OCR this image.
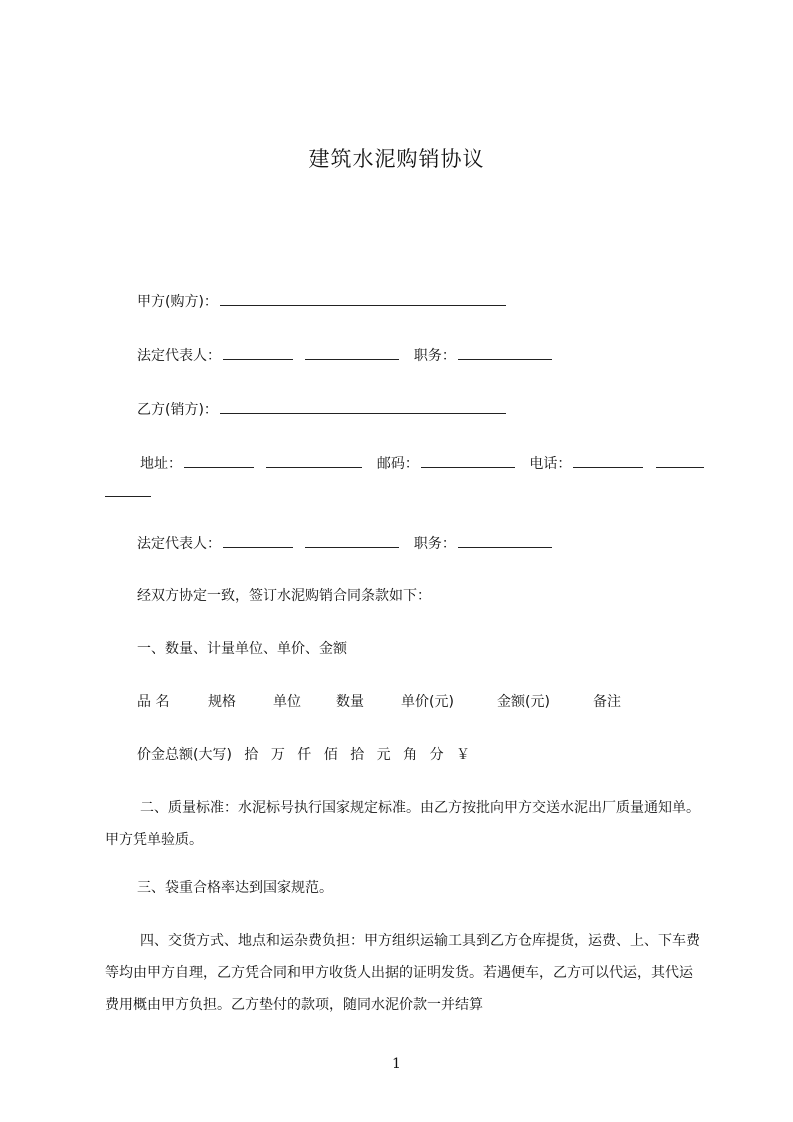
建筑水泥购销协议
甲方(购方)：
法定代表人：	职务：
乙方(销方)：
地址：	邮码：	电话：
法定代表人：	职务：
经双方协定一致，签订水泥购销合同条款如下：
一、数量、计量单位、单价、金额
品 名	规格	单位	数量	单价(元)	金额(元)	备注
价金总额(大写) 拾 万 仟 佰 拾 元 角 分 ￥
二、质量标准：水泥标号执行国家规定标准。由乙方按批向甲方交送水泥出厂质量通知单。甲方凭单验质。
三、袋重合格率达到国家规范。
四、交货方式、地点和运杂费负担：甲方组织运输工具到乙方仓库提货，运费、上、下车费等均由甲方自理，乙方凭合同和甲方收货人出据的证明发货。若遇便车，乙方可以代运，其代运费用概由甲方负担。乙方垫付的款项，随同水泥价款一并结算
1
